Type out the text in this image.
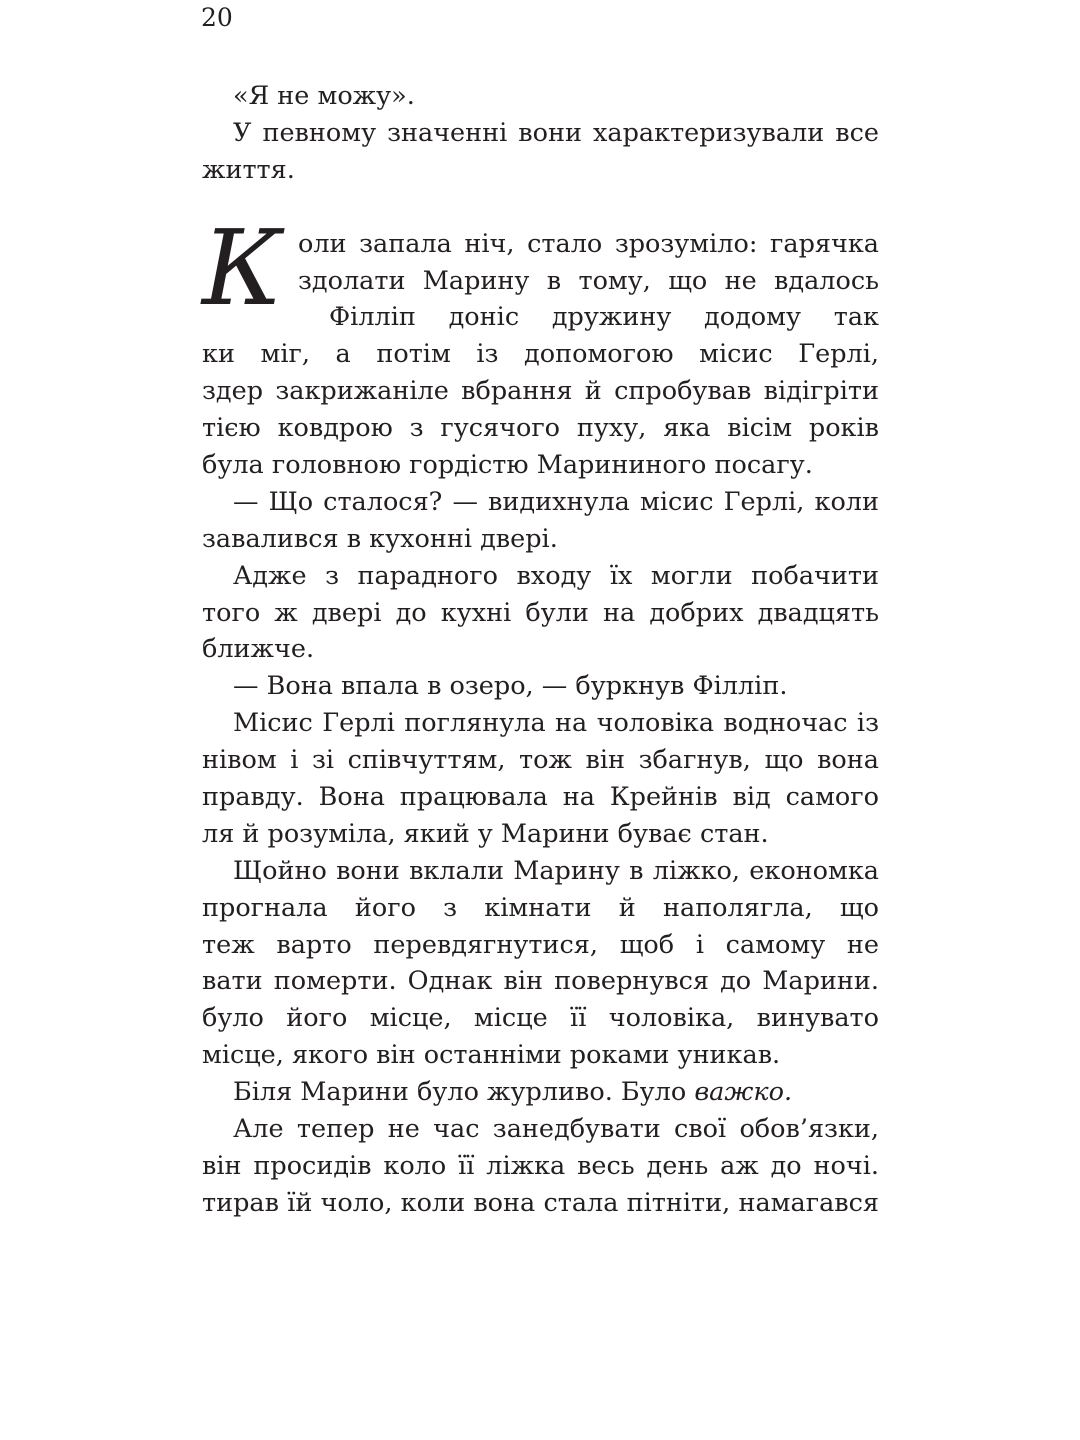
20
«Я не можу».
У певному значенні вони характеризували все
життя.
К оли запала ніч, стало зрозуміло: гарячка
здолати Марину в тому, що не вдалось
Філліп доніс дружину додому так
ки міг, а потім із допомогою місис Герлі,
здер закрижаніле вбрання й спробував відігріти
тією ковдрою з гусячого пуху, яка вісім років
була головною гордістю Марининого посагу.
— Що сталося? — видихнула місис Герлі, коли
завалився в кухонні двері.
Адже з парадного входу їх могли побачити
того ж двері до кухні були на добрих двадцять
ближче.
— Вона впала в озеро, — буркнув Філліп.
Місис Герлі поглянула на чоловіка водночас із
нівом і зі співчуттям, тож він збагнув, що вона
правду. Вона працювала на Крейнів від самого
ля й розуміла, який у Марини буває стан.
Щойно вони вклали Марину в ліжко, економка
прогнала його з кімнати й наполягла, що
теж варто перевдягнутися, щоб і самому не
вати померти. Однак він повернувся до Марини.
було його місце, місце її чоловіка, винувато
місце, якого він останніми роками уникав.
Біля Марини було журливо. Було важко.
Але тепер не час занедбувати свої обов’язки,
він просидів коло її ліжка весь день аж до ночі.
тирав їй чоло, коли вона стала пітніти, намагався
